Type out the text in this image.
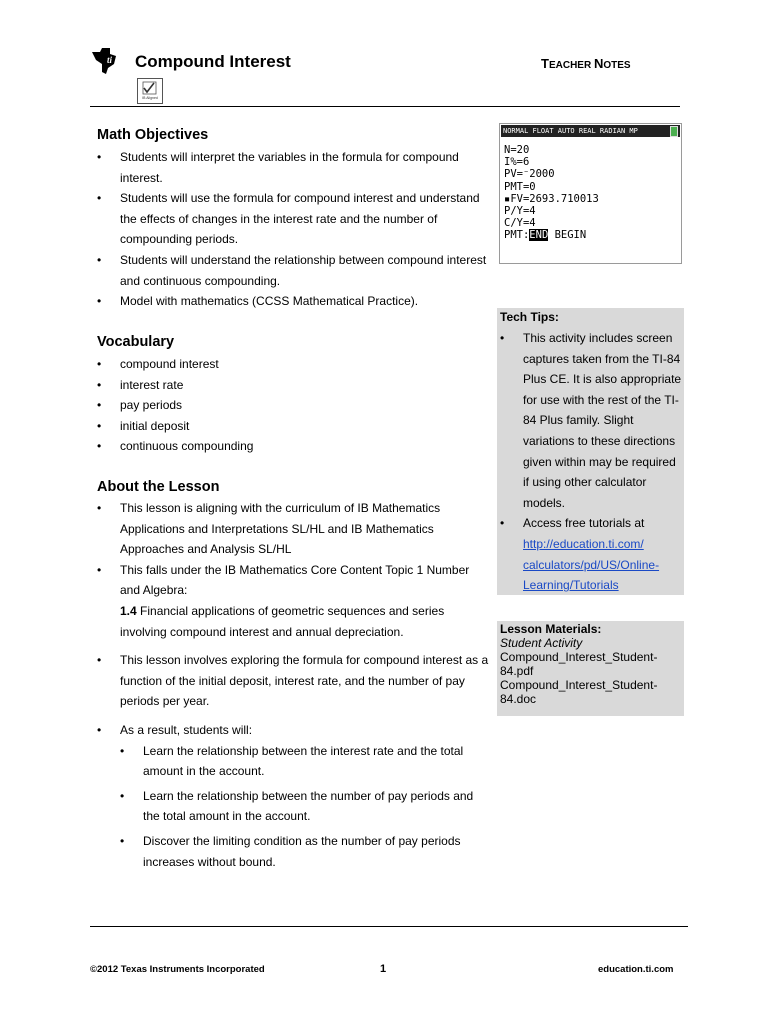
ti Compound Interest	TEACHER NOTES
IB Aligned
Math Objectives
• Students will interpret the variables in the formula for compound interest.
• Students will use the formula for compound interest and understand the effects of changes in the interest rate and the number of compounding periods.
• Students will understand the relationship between compound interest and continuous compounding.
• Model with mathematics (CCSS Mathematical Practice).
Vocabulary
• compound interest
• interest rate
• pay periods
• initial deposit
• continuous compounding
About the Lesson
• This lesson is aligning with the curriculum of IB Mathematics Applications and Interpretations SL/HL and IB Mathematics Approaches and Analysis SL/HL
• This falls under the IB Mathematics Core Content Topic 1 Number and Algebra:
1.4 Financial applications of geometric sequences and series involving compound interest and annual depreciation.
• This lesson involves exploring the formula for compound interest as a function of the initial deposit, interest rate, and the number of pay periods per year.
• As a result, students will:
• Learn the relationship between the interest rate and the total amount in the account.
• Learn the relationship between the number of pay periods and the total amount in the account.
• Discover the limiting condition as the number of pay periods increases without bound.
NORMAL FLOAT AUTO REAL RADIAN MP
N=20
I%=6
PV=⁻2000
PMT=0
▪FV=2693.710013
P/Y=4
C/Y=4
PMT:END BEGIN
Tech Tips:
• This activity includes screen captures taken from the TI-84 Plus CE. It is also appropriate for use with the rest of the TI-84 Plus family. Slight variations to these directions given within may be required if using other calculator models.
• Access free tutorials at http://education.ti.com/ calculators/pd/US/Online-Learning/Tutorials
Lesson Materials:
Student Activity
Compound_Interest_Student-84.pdf
Compound_Interest_Student-84.doc
©2012 Texas Instruments Incorporated	1	education.ti.com
